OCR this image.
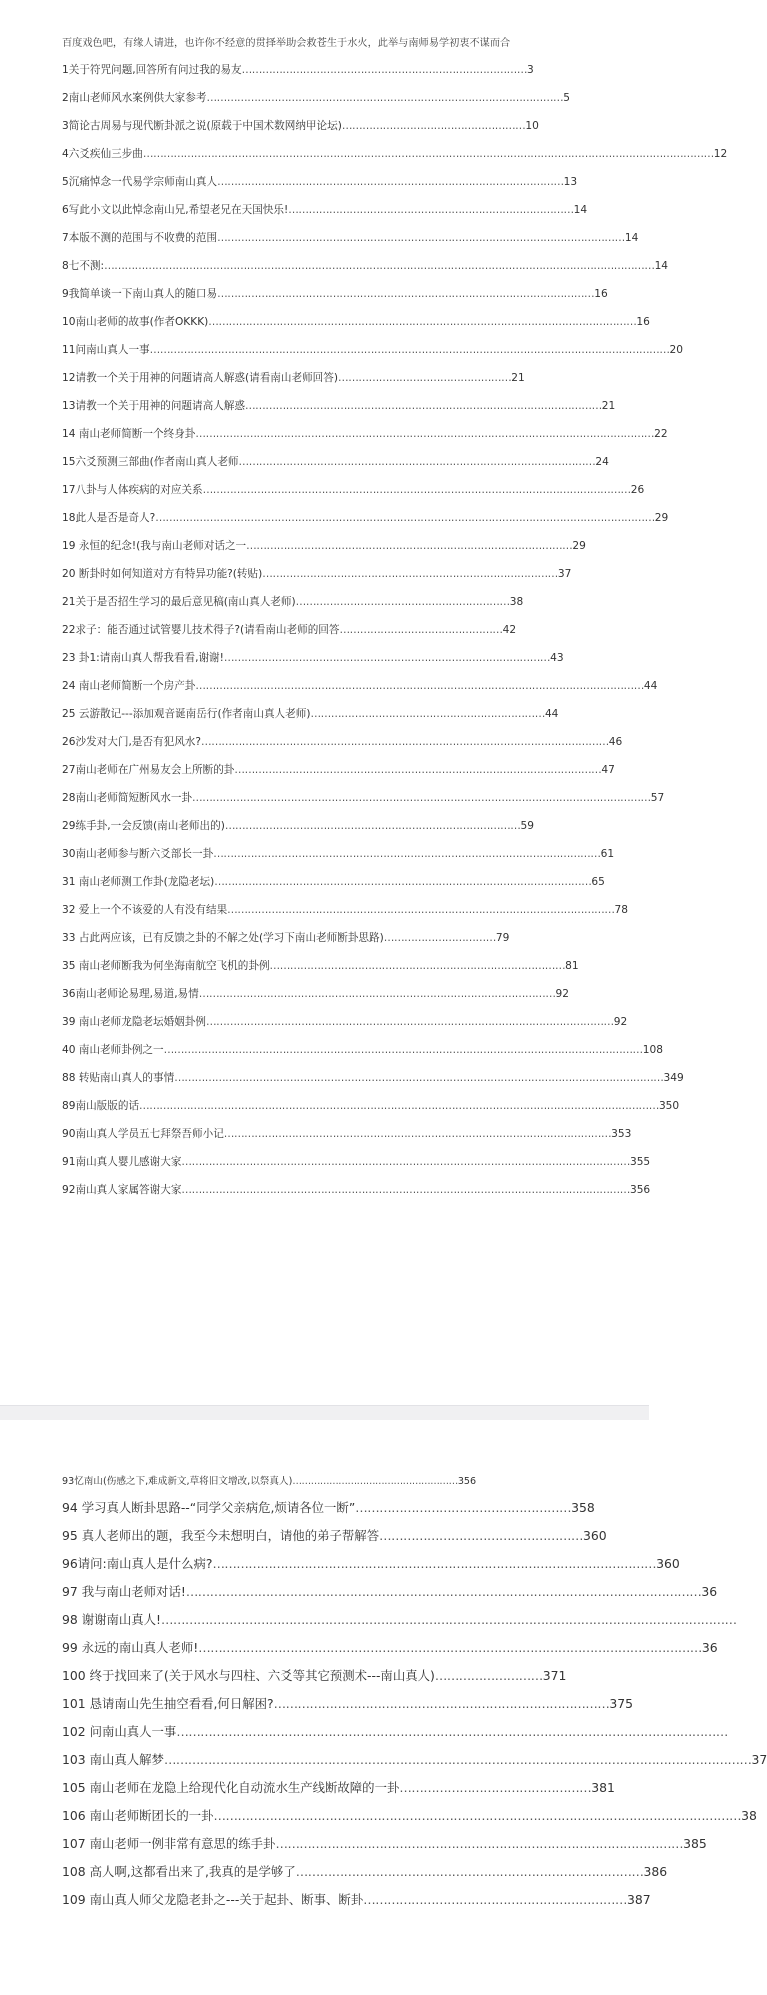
百度戏色吧，有缘人请进，也许你不经意的贯择举助会救苍生于水火，此举与南师易学初衷不谋而合
1关于符咒问题,回答所有问过我的易友…………………………………………………………………………3
2南山老师风水案例供大家参考……………………………………………………………………………………………5
3简论古周易与现代断卦派之说(原载于中国术数网纳甲论坛)………………………………………………10
4六爻疾仙三步曲……………………………………………………………………………………………………………………………………………………12
5沉痛悼念一代易学宗师南山真人…………………………………………………………………………………………13
6写此小文以此悼念南山兄,希望老兄在天国快乐!…………………………………………………………………………14
7本版不测的范围与不收费的范围…………………………………………………………………………………………………………14
8七不测:………………………………………………………………………………………………………………………………………………14
9我简单谈一下南山真人的随口易…………………………………………………………………………………………………16
10南山老师的故事(作者OKKK)………………………………………………………………………………………………………………16
11问南山真人一事………………………………………………………………………………………………………………………………………20
12请教一个关于用神的问题请高人解惑(请看南山老师回答)……………………………………………21
13请教一个关于用神的问题请高人解惑……………………………………………………………………………………………21
14 南山老师简断一个终身卦………………………………………………………………………………………………………………………22
15六爻预测三部曲(作者南山真人老师……………………………………………………………………………………………24
17八卦与人体疾病的对应关系………………………………………………………………………………………………………………26
18此人是否是奇人?…………………………………………………………………………………………………………………………………29
19 永恒的纪念!(我与南山老师对话之一……………………………………………………………………………………29
20 断卦时如何知道对方有特异功能?(转贴)……………………………………………………………………………37
21关于是否招生学习的最后意见稿(南山真人老师)………………………………………………………38
22求子：能否通过试管婴儿技术得子?(请看南山老师的回答…………………………………………42
23 卦1:请南山真人帮我看看,谢谢!……………………………………………………………………………………43
24 南山老师简断一个房产卦……………………………………………………………………………………………………………………44
25 云游散记---添加观音诞南岳行(作者南山真人老师)……………………………………………………………44
26沙发对大门,是否有犯风水?…………………………………………………………………………………………………………46
27南山老师在广州易友会上所断的卦………………………………………………………………………………………………47
28南山老师简短断风水一卦………………………………………………………………………………………………………………………57
29练手卦,一会反馈(南山老师出的)……………………………………………………………………………59
30南山老师参与断六爻部长一卦……………………………………………………………………………………………………61
31 南山老师测工作卦(龙隐老坛)…………………………………………………………………………………………………65
32 爱上一个不该爱的人有没有结果……………………………………………………………………………………………………78
33 占此两应该，已有反馈之卦的不解之处(学习下南山老师断卦思路)……………………………79
35 南山老师断我为何坐海南航空飞机的卦例……………………………………………………………………………81
36南山老师论易理,易道,易情……………………………………………………………………………………………92
39 南山老师龙隐老坛婚姻卦例…………………………………………………………………………………………………………92
40 南山老师卦例之一……………………………………………………………………………………………………………………………108
88 转贴南山真人的事情………………………………………………………………………………………………………………………………349
89南山版版的话………………………………………………………………………………………………………………………………………350
90南山真人学员五七拜祭吾师小记……………………………………………………………………………………………………353
91南山真人婴儿感谢大家……………………………………………………………………………………………………………………355
92南山真人家属答谢大家……………………………………………………………………………………………………………………356
93忆南山(伤感之下,难成新文,草将旧文增改,以祭真人)………………………………………………356
94 学习真人断卦思路--“同学父亲病危,烦请各位一断”………………………………………………358
95 真人老师出的题，我至今未想明白，请他的弟子帮解答……………………………………………360
96请问:南山真人是什么病?…………………………………………………………………………………………………360
97 我与南山老师对话!…………………………………………………………………………………………………………………36
98 谢谢南山真人!………………………………………………………………………………………………………………………………
99 永远的南山真人老师!………………………………………………………………………………………………………………36
100 终于找回来了(关于风水与四柱、六爻等其它预测术---南山真人)………………………371
101 恳请南山先生抽空看看,何日解困?…………………………………………………………………………375
102 问南山真人一事…………………………………………………………………………………………………………………………
103 南山真人解梦…………………………………………………………………………………………………………………………………37
105 南山老师在龙隐上给现代化自动流水生产线断故障的一卦…………………………………………381
106 南山老师断团长的一卦……………………………………………………………………………………………………………………38
107 南山老师一例非常有意思的练手卦…………………………………………………………………………………………385
108 高人啊,这都看出来了,我真的是学够了……………………………………………………………………………386
109 南山真人师父龙隐老卦之---关于起卦、断事、断卦…………………………………………………………387
